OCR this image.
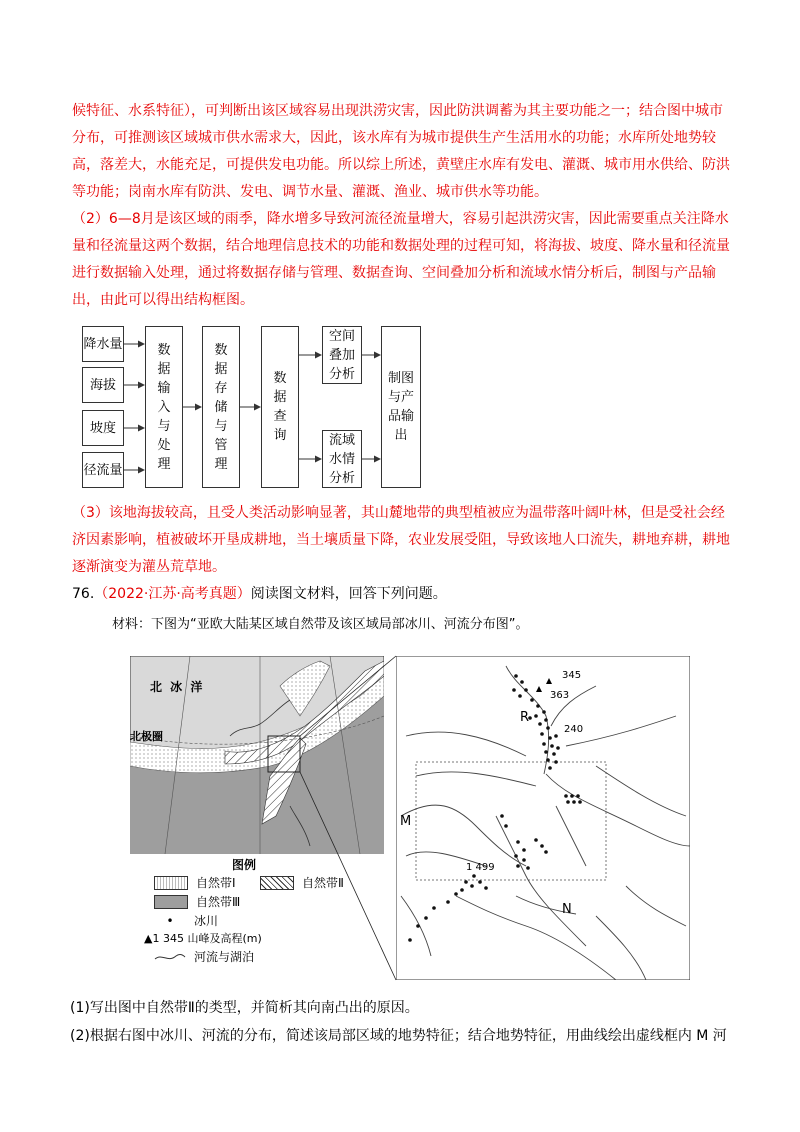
候特征、水系特征），可判断出该区域容易出现洪涝灾害，因此防洪调蓄为其主要功能之一；结合图中城市分布，可推测该区域城市供水需求大，因此，该水库有为城市提供生产生活用水的功能；水库所处地势较高，落差大，水能充足，可提供发电功能。所以综上所述，黄壁庄水库有发电、灌溉、城市用水供给、防洪等功能；岗南水库有防洪、发电、调节水量、灌溉、渔业、城市供水等功能。

（2）6—8月是该区域的雨季，降水增多导致河流径流量增大，容易引起洪涝灾害，因此需要重点关注降水量和径流量这两个数据，结合地理信息技术的功能和数据处理的过程可知，将海拔、坡度、降水量和径流量进行数据输入处理，通过将数据存储与管理、数据查询、空间叠加分析和流域水情分析后，制图与产品输出，由此可以得出结构框图。

降水量
海拔
坡度
径流量
数据输入与处理
数据存储与管理
数据查询
空间叠加分析
流域水情分析
制图与产品输出

（3）该地海拔较高，且受人类活动影响显著，其山麓地带的典型植被应为温带落叶阔叶林，但是受社会经济因素影响，植被破坏开垦成耕地，当土壤质量下降，农业发展受阻，导致该地人口流失，耕地弃耕，耕地逐渐演变为灌丛荒草地。

76.（2022·江苏·高考真题）阅读图文材料，回答下列问题。
材料：下图为“亚欧大陆某区域自然带及该区域局部冰川、河流分布图”。
北 冰 洋
北极圈
图例
自然带Ⅰ	自然带Ⅱ
自然带Ⅲ
•	冰川
▲1 345 山峰及高程(m)
河流与湖泊
345
363
240
1 499
R
M
N
(1)写出图中自然带Ⅱ的类型，并简析其向南凸出的原因。
(2)根据右图中冰川、河流的分布，简述该局部区域的地势特征；结合地势特征，用曲线绘出虚线框内 M 河
